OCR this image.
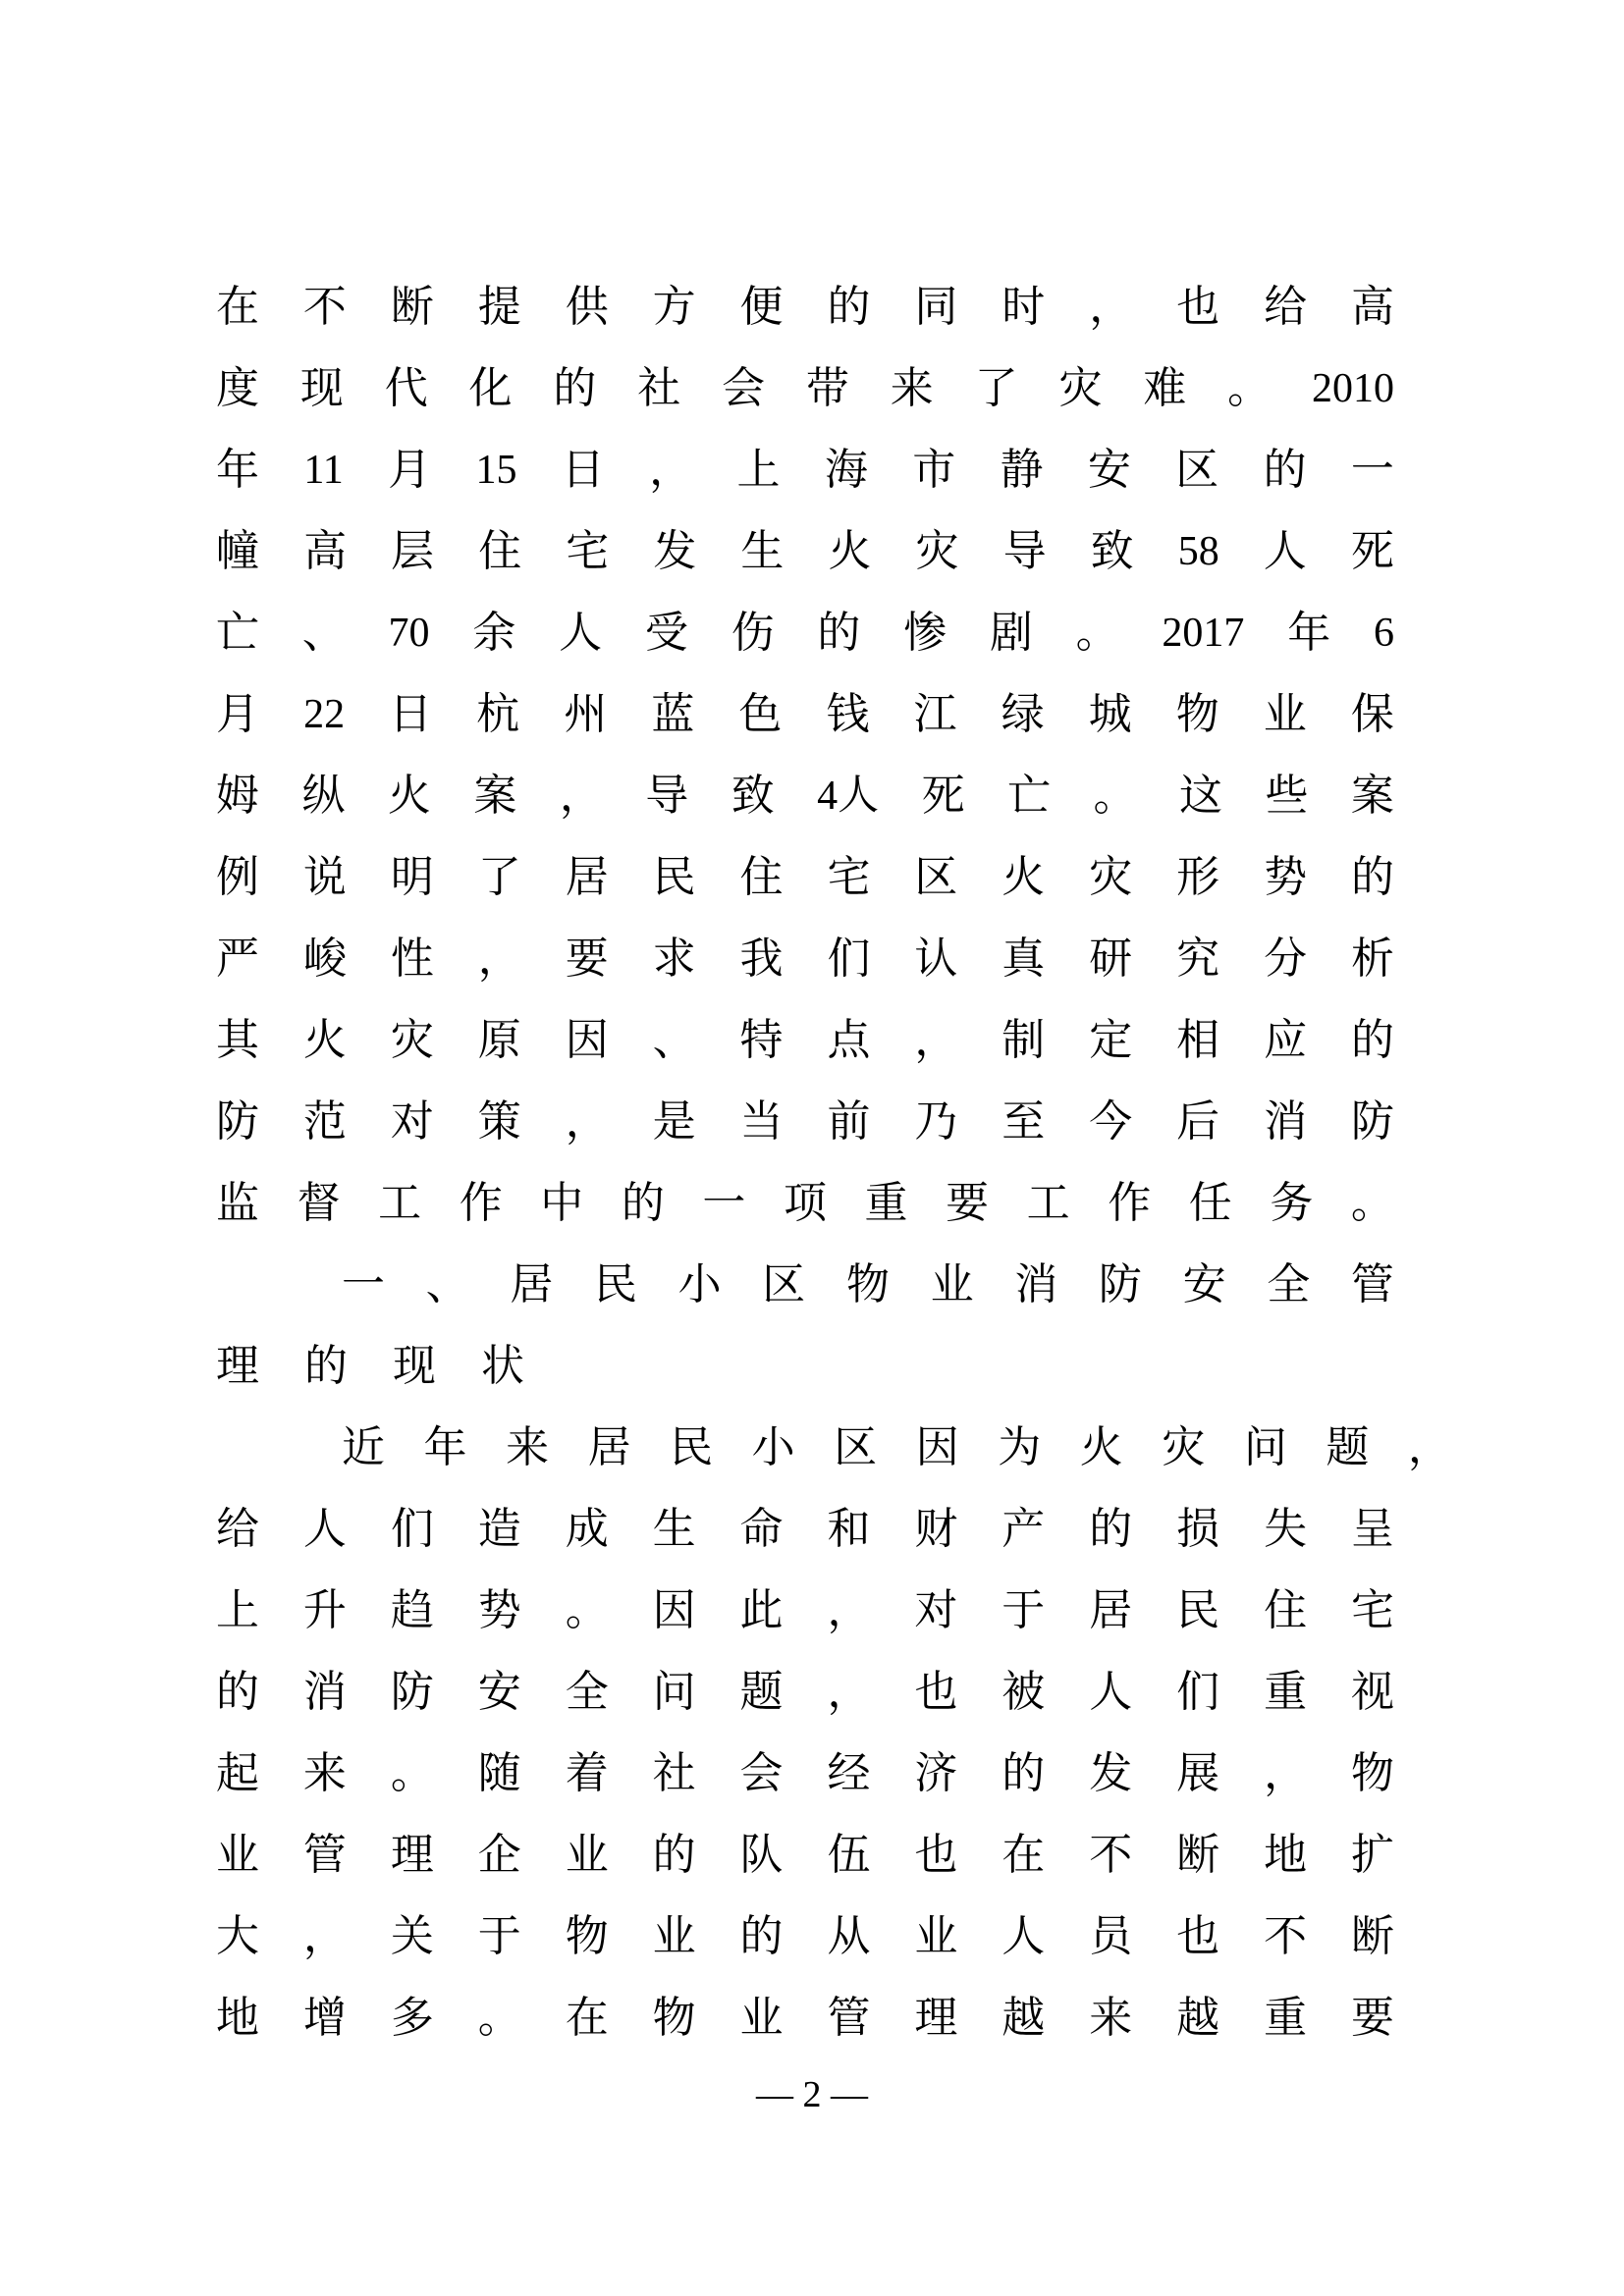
在 不 断 提 供 方 便 的 同 时 ， 也 给 高
度 现 代 化 的 社 会 带 来 了 灾 难 。 2010
年 11 月 15 日 ， 上 海 市 静 安 区 的 一
幢 高 层 住 宅 发 生 火 灾 导 致 58 人 死
亡 、 70 余 人 受 伤 的 惨 剧 。 2017 年 6
月 22 日 杭 州 蓝 色 钱 江 绿 城 物 业 保
姆 纵 火 案 ， 导 致 4人 死 亡 。 这 些 案
例 说 明 了 居 民 住 宅 区 火 灾 形 势 的
严 峻 性 ， 要 求 我 们 认 真 研 究 分 析
其 火 灾 原 因 、 特 点 ， 制 定 相 应 的
防 范 对 策 ， 是 当 前 乃 至 今 后 消 防
监 督 工 作 中 的 一 项 重 要 工 作 任 务 。
一 、 居 民 小 区 物 业 消 防 安 全 管
理 的 现 状
近 年 来 居 民 小 区 因 为 火 灾 问 题 ，
给 人 们 造 成 生 命 和 财 产 的 损 失 呈
上 升 趋 势 。 因 此 ， 对 于 居 民 住 宅
的 消 防 安 全 问 题 ， 也 被 人 们 重 视
起 来 。 随 着 社 会 经 济 的 发 展 ， 物
业 管 理 企 业 的 队 伍 也 在 不 断 地 扩
大 ， 关 于 物 业 的 从 业 人 员 也 不 断
地 增 多 。 在 物 业 管 理 越 来 越 重 要
— 2 —
